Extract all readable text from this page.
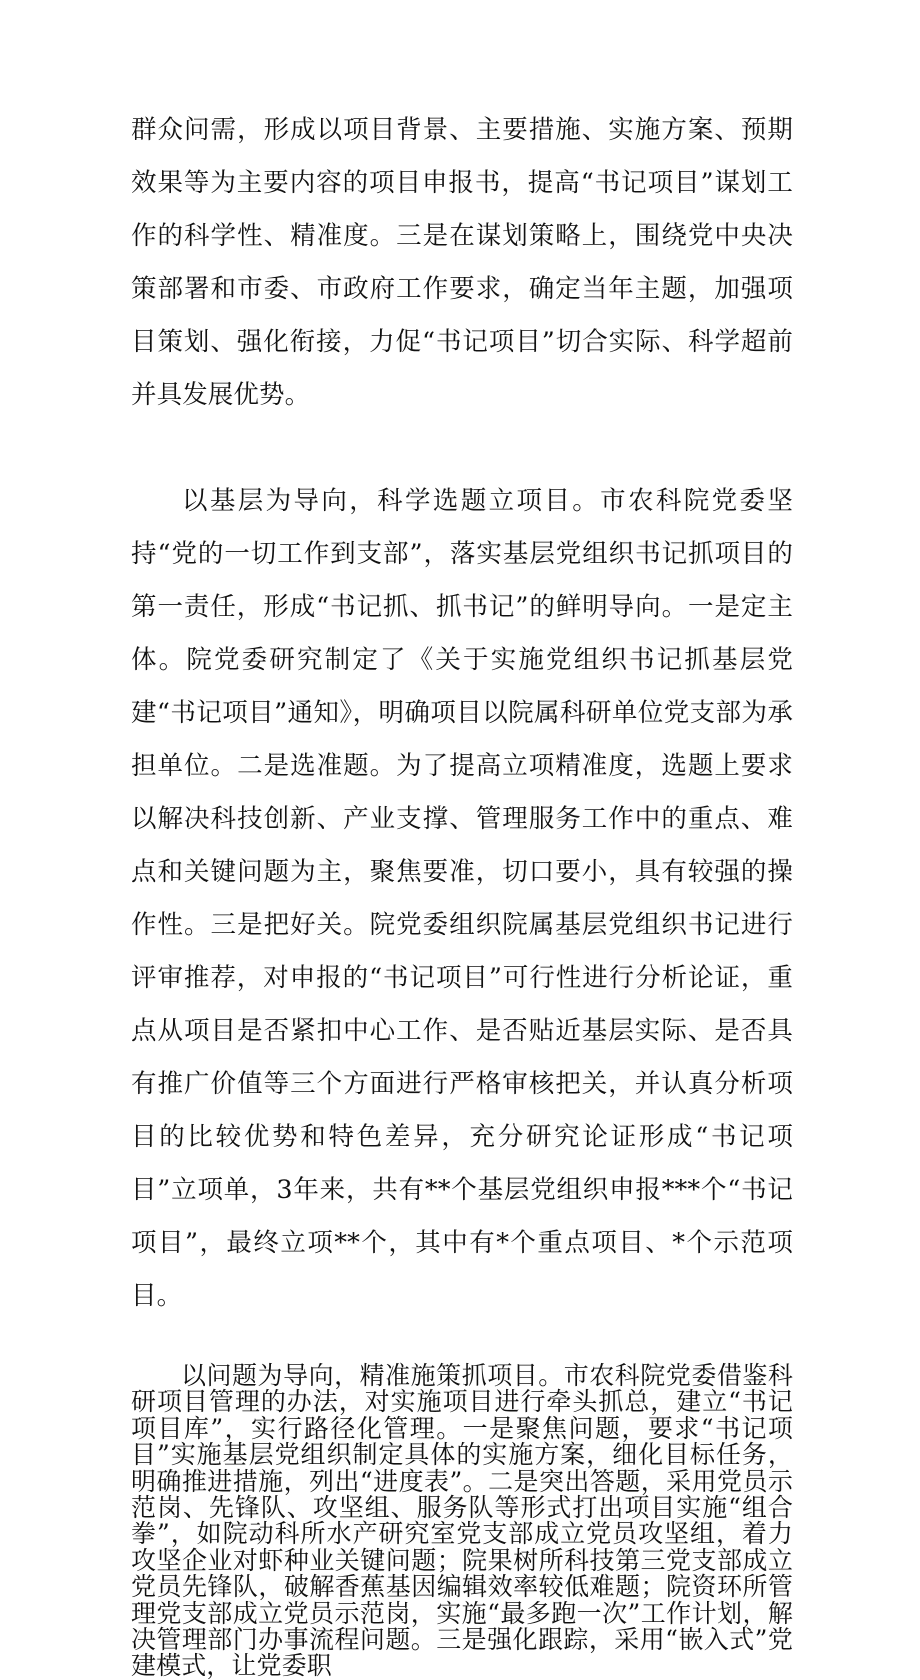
群众问需，形成以项目背景、主要措施、实施方案、预期效果等为主要内容的项目申报书，提高“书记项目”谋划工作的科学性、精准度。三是在谋划策略上，围绕党中央决策部署和市委、市政府工作要求，确定当年主题，加强项目策划、强化衔接，力促“书记项目”切合实际、科学超前并具发展优势。

以基层为导向，科学选题立项目。市农科院党委坚持“党的一切工作到支部”，落实基层党组织书记抓项目的第一责任，形成“书记抓、抓书记”的鲜明导向。一是定主体。院党委研究制定了《关于实施党组织书记抓基层党建“书记项目”通知》，明确项目以院属科研单位党支部为承担单位。二是选准题。为了提高立项精准度，选题上要求以解决科技创新、产业支撑、管理服务工作中的重点、难点和关键问题为主，聚焦要准，切口要小，具有较强的操作性。三是把好关。院党委组织院属基层党组织书记进行评审推荐，对申报的“书记项目”可行性进行分析论证，重点从项目是否紧扣中心工作、是否贴近基层实际、是否具有推广价值等三个方面进行严格审核把关，并认真分析项目的比较优势和特色差异，充分研究论证形成“书记项目”立项单，3年来，共有**个基层党组织申报***个“书记项目”，最终立项**个，其中有*个重点项目、*个示范项目。

以问题为导向，精准施策抓项目。市农科院党委借鉴科研项目管理的办法，对实施项目进行牵头抓总，建立“书记项目库”，实行路径化管理。一是聚焦问题，要求“书记项目”实施基层党组织制定具体的实施方案，细化目标任务，明确推进措施，列出“进度表”。二是突出答题，采用党员示范岗、先锋队、攻坚组、服务队等形式打出项目实施“组合拳”，如院动科所水产研究室党支部成立党员攻坚组，着力攻坚企业对虾种业关键问题；院果树所科技第三党支部成立党员先锋队，破解香蕉基因编辑效率较低难题；院资环所管理党支部成立党员示范岗，实施“最多跑一次”工作计划，解决管理部门办事流程问题。三是强化跟踪，采用“嵌入式”党建模式，让党委职
